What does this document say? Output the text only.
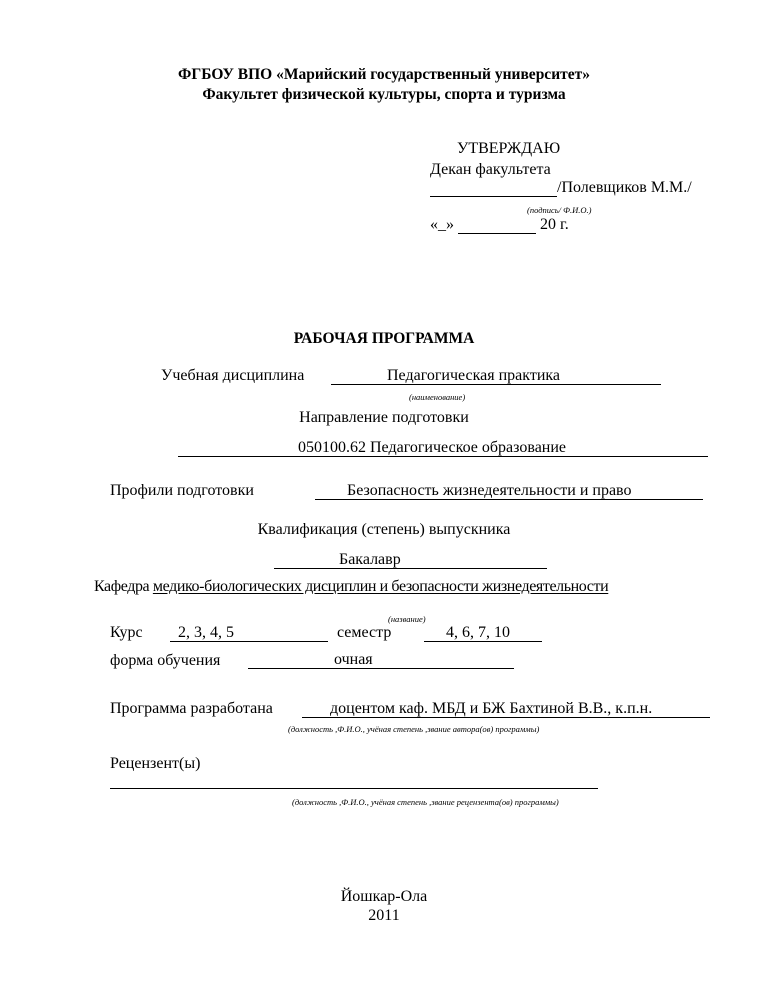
ФГБОУ ВПО «Марийский государственный университет»
Факультет физической культуры, спорта и туризма
УТВЕРЖДАЮ
Декан факультета
/Полевщиков М.М./
(подпись/ Ф.И.О.)
«_»	20 г.
РАБОЧАЯ ПРОГРАММА
Учебная дисциплина	Педагогическая практика
(наименование)
Направление подготовки
050100.62 Педагогическое образование
Профили подготовки	Безопасность жизнедеятельности и право
Квалификация (степень) выпускника
Бакалавр
Кафедра медико-биологических дисциплин и безопасности жизнедеятельности
(название)
Курс 2, 3, 4, 5	семестр	4, 6, 7, 10
форма обучения	очная
Программа разработана	доцентом каф. МБД и БЖ Бахтиной В.В., к.п.н.
(должность ,Ф.И.О., учёная степень ,звание автора(ов) программы)
Рецензент(ы)
(должность ,Ф.И.О., учёная степень ,звание рецензента(ов) программы)
Йошкар-Ола
2011
